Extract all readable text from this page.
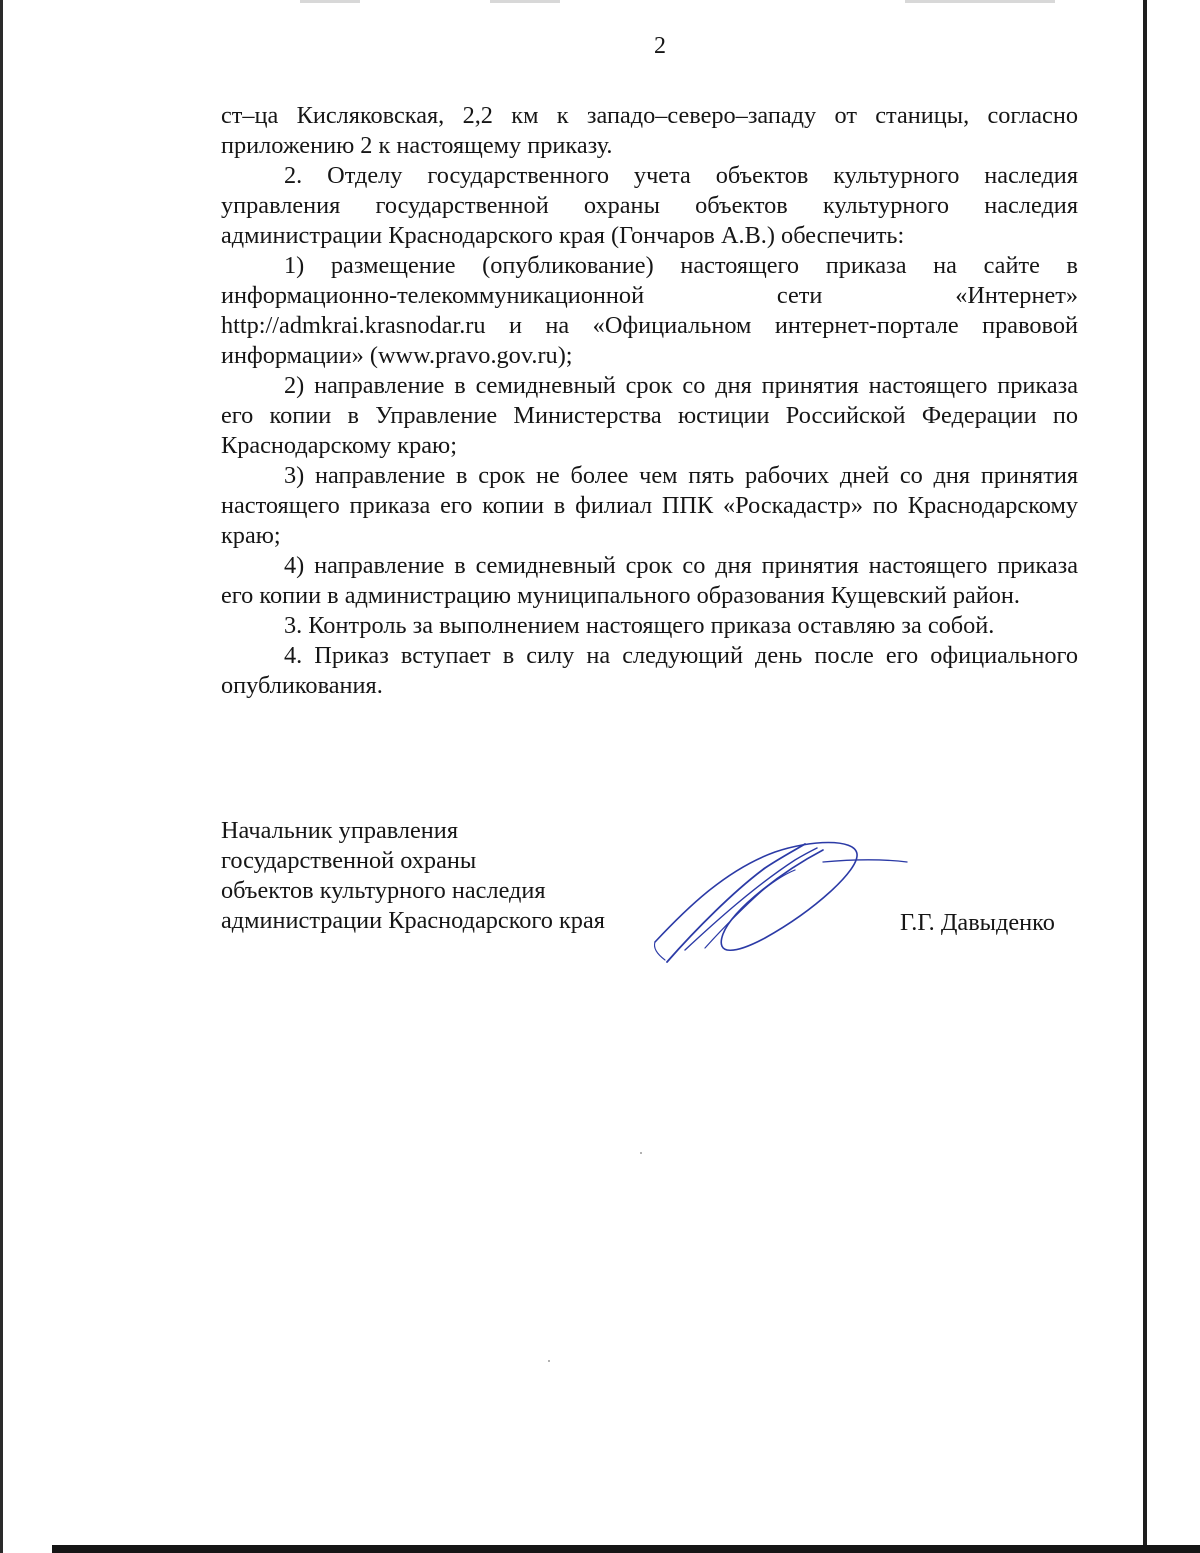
2

ст–ца Кисляковская, 2,2 км к западо–северо–западу от станицы, согласно приложению 2 к настоящему приказу.

2. Отделу государственного учета объектов культурного наследия управления государственной охраны объектов культурного наследия администрации Краснодарского края (Гончаров А.В.) обеспечить:

1) размещение (опубликование) настоящего приказа на сайте в информационно-телекоммуникационной сети «Интернет» http://admkrai.krasnodar.ru и на «Официальном интернет-портале правовой информации» (www.pravo.gov.ru);

2) направление в семидневный срок со дня принятия настоящего приказа его копии в Управление Министерства юстиции Российской Федерации по Краснодарскому краю;

3) направление в срок не более чем пять рабочих дней со дня принятия настоящего приказа его копии в филиал ППК «Роскадастр» по Краснодарскому краю;

4) направление в семидневный срок со дня принятия настоящего приказа его копии в администрацию муниципального образования Кущевский район.

3. Контроль за выполнением настоящего приказа оставляю за собой.

4. Приказ вступает в силу на следующий день после его официального опубликования.

Начальник управления
государственной охраны
объектов культурного наследия
администрации Краснодарского края	Г.Г. Давыденко
